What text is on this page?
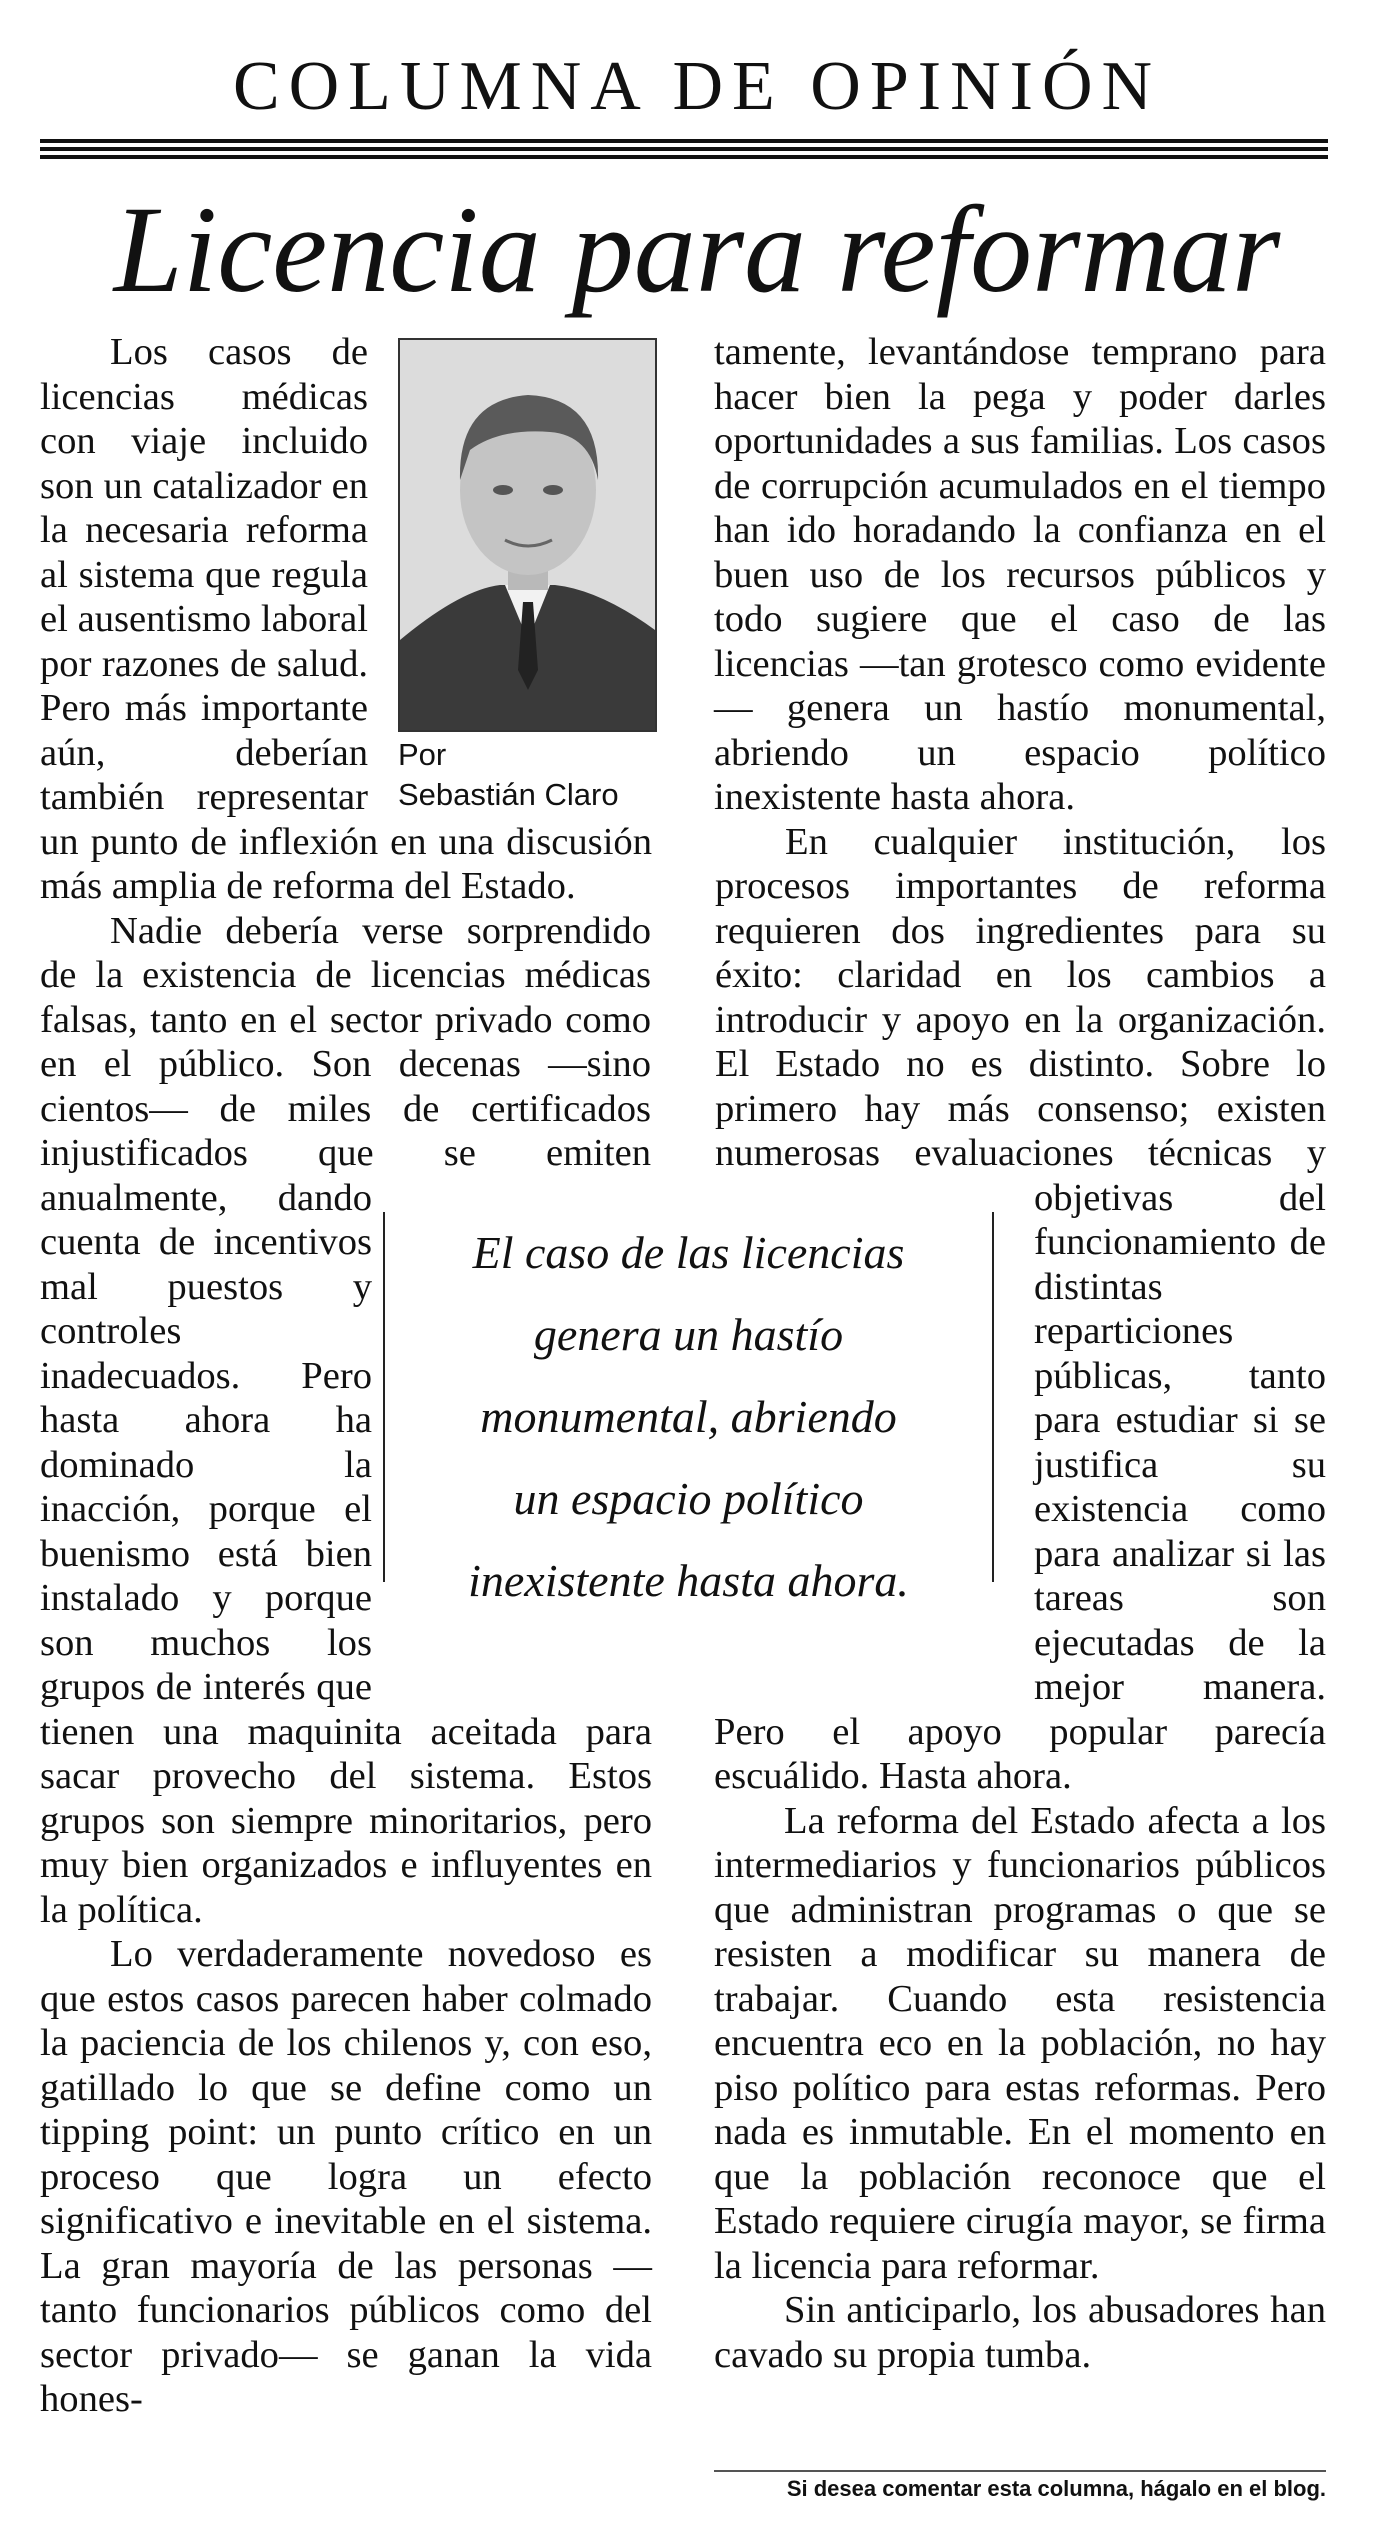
COLUMNA DE OPINIÓN
Licencia para reformar
Por
Sebastián Claro

Los casos de licencias médicas con viaje incluido son un catalizador en la necesaria reforma al sistema que regula el ausentismo laboral por razones de salud. Pero más importante aún, deberían también representar un punto de inflexión en una discusión más amplia de reforma del Estado.

Nadie debería verse sorprendido de la existencia de licencias médicas falsas, tanto en el sector privado como en el público. Son decenas —sino cientos— de miles de certificados injustificados que se emiten anualmente, dando cuenta de incentivos mal puestos y controles inadecuados. Pero hasta ahora ha dominado la inacción, porque el buenismo está bien instalado y porque son muchos los grupos de interés que tienen una maquinita aceitada para sacar provecho del sistema. Estos grupos son siempre minoritarios, pero muy bien organizados e influyentes en la política.

Lo verdaderamente novedoso es que estos casos parecen haber colmado la paciencia de los chilenos y, con eso, gatillado lo que se define como un tipping point: un punto crítico en un proceso que logra un efecto significativo e inevitable en el sistema. La gran mayoría de las personas —tanto funcionarios públicos como del sector privado— se ganan la vida hones-

tamente, levantándose temprano para hacer bien la pega y poder darles oportunidades a sus familias. Los casos de corrupción acumulados en el tiempo han ido horadando la confianza en el buen uso de los recursos públicos y todo sugiere que el caso de las licencias —tan grotesco como evidente— genera un hastío monumental, abriendo un espacio político inexistente hasta ahora.

En cualquier institución, los procesos importantes de reforma requieren dos ingredientes para su éxito: claridad en los cambios a introducir y apoyo en la organización. El Estado no es distinto. Sobre lo primero hay más consenso; existen numerosas evaluaciones técnicas y objetivas del funcionamiento de distintas reparticiones públicas, tanto para estudiar si se justifica su existencia como para analizar si las tareas son ejecutadas de la mejor manera. Pero el apoyo popular parecía escuálido. Hasta ahora.

La reforma del Estado afecta a los intermediarios y funcionarios públicos que administran programas o que se resisten a modificar su manera de trabajar. Cuando esta resistencia encuentra eco en la población, no hay piso político para estas reformas. Pero nada es inmutable. En el momento en que la población reconoce que el Estado requiere cirugía mayor, se firma la licencia para reformar.

Sin anticiparlo, los abusadores han cavado su propia tumba.

El caso de las licencias
genera un hastío
monumental, abriendo
un espacio político
inexistente hasta ahora.
Si desea comentar esta columna, hágalo en el blog.
